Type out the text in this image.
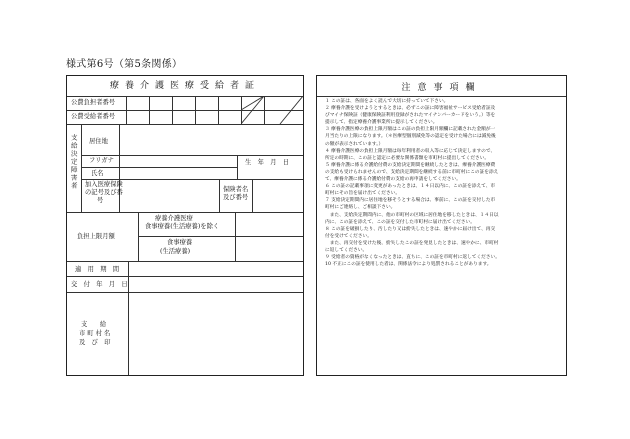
様式第6号（第5条関係）
療養介護医療受給者証
公費負担者番号
公費受給者番号
支給決定障害者 居住地
フリガナ	生　年　月　日
氏名
加入医療保険
の記号及び番
号
保険者名
及び番号
負担上限月額
療養介護医療
食事療養(生活療養)を除く
食事療養
(生活療養)
適　用　期　間
交　付　年　月　日
支　　給
市 町 村 名
及　び　印
注意事項欄
１ この証は、各面をよく読んで大切に持っていて下さい。
２ 療養介護を受けようとするときは、必ずこの証に障害福祉サービス受給者証及
びマイナ保険証（健康保険証利用登録がされたマイナンバーカードをいう。）等を
提示して、指定療養介護事業所に提示してください。
３ 療養介護医療の負担上限月額はこの証の負担上限月額欄に記載された金額が一
月当たりの上限になります。（＊医療型個別減免等の認定を受けた場合には減免後
の額が表示されています。）
４ 療養介護医療の負担上限月額は毎年利用者の収入等に応じて決定しますので、
所定の時期に、この証と認定に必要な関係書類を市町村に提出してください。
５ 療養介護に係る介護給付費の支給決定期間を継続したときは、療養介護医療費
の支給も受けられませんので、支給決定期間を継続する前に市町村にこの証を添え
て、療養介護に係る介護給付費の支給の再申請をしてください。
６ この証の記載事項に変更があったときは、１４日以内に、この証を添えて、市
町村にその旨を届け出てください。
７ 支給決定期間内に居住地を移そうとする場合は、事前に、この証を交付した市
町村にご連絡し、ご相談下さい。
　また、支給決定期間内に、他の市町村の区域に居住地を移したときは、１４日以
内に、この証を添えて、この証を交付した市町村に届け出てください。
８ この証を破損したり、汚したり又は紛失したときは、速やかに届け出て、再交
付を受けてください。
　また、再交付を受けた後、紛失したこの証を発見したときは、速やかに、市町村
に返してください。
９ 受給者の資格がなくなったときは、直ちに、この証を市町村に返してください。
10 不正にこの証を使用した者は、関係法令により処罰されることがあります。
